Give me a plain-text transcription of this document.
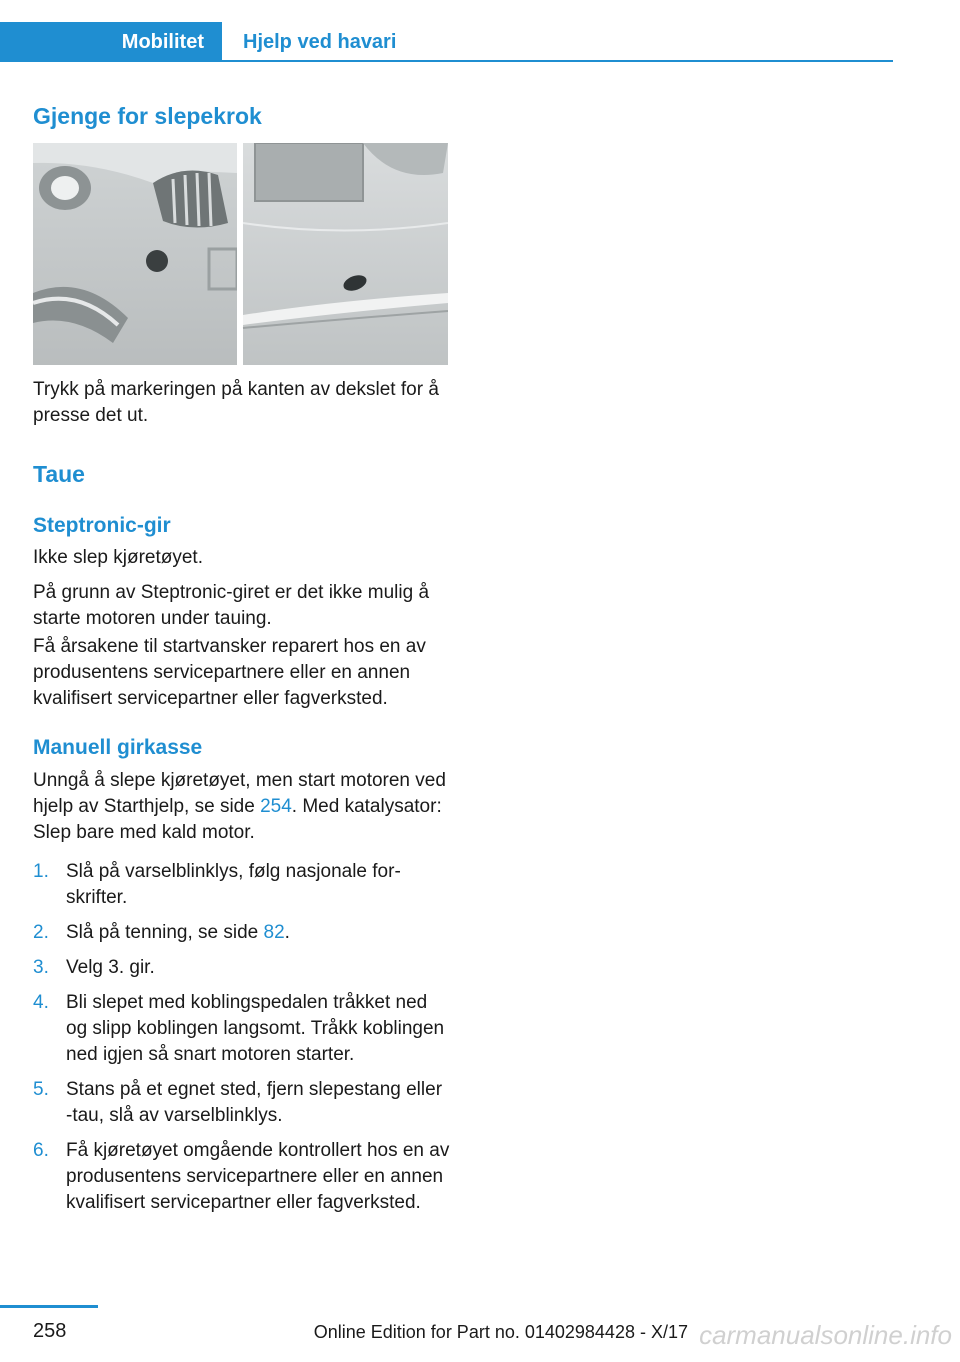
Mobilitet Hjelp ved havari
Gjenge for slepekrok

Trykk på markeringen på kanten av dekslet for å presse det ut.

Taue
Steptronic-gir

Ikke slep kjøretøyet.

På grunn av Steptronic-giret er det ikke mulig å starte motoren under tauing.

Få årsakene til startvansker reparert hos en av produsentens servicepartnere eller en annen kvalifisert servicepartner eller fagverksted.

Manuell girkasse

Unngå å slepe kjøretøyet, men start motoren ved hjelp av Starthjelp, se side 254. Med katalysator: Slep bare med kald motor.

1. Slå på varselblinklys, følg nasjonale forskrifter.
2. Slå på tenning, se side 82.
3. Velg 3. gir.
4. Bli slepet med koblingspedalen tråkket ned og slipp koblingen langsomt. Tråkk koblingen ned igjen så snart motoren starter.
5. Stans på et egnet sted, fjern slepestang eller -tau, slå av varselblinklys.
6. Få kjøretøyet omgående kontrollert hos en av produsentens servicepartnere eller en annen kvalifisert servicepartner eller fagverksted.
258	Online Edition for Part no. 01402984428 - X/17 carmanualsonline.info
